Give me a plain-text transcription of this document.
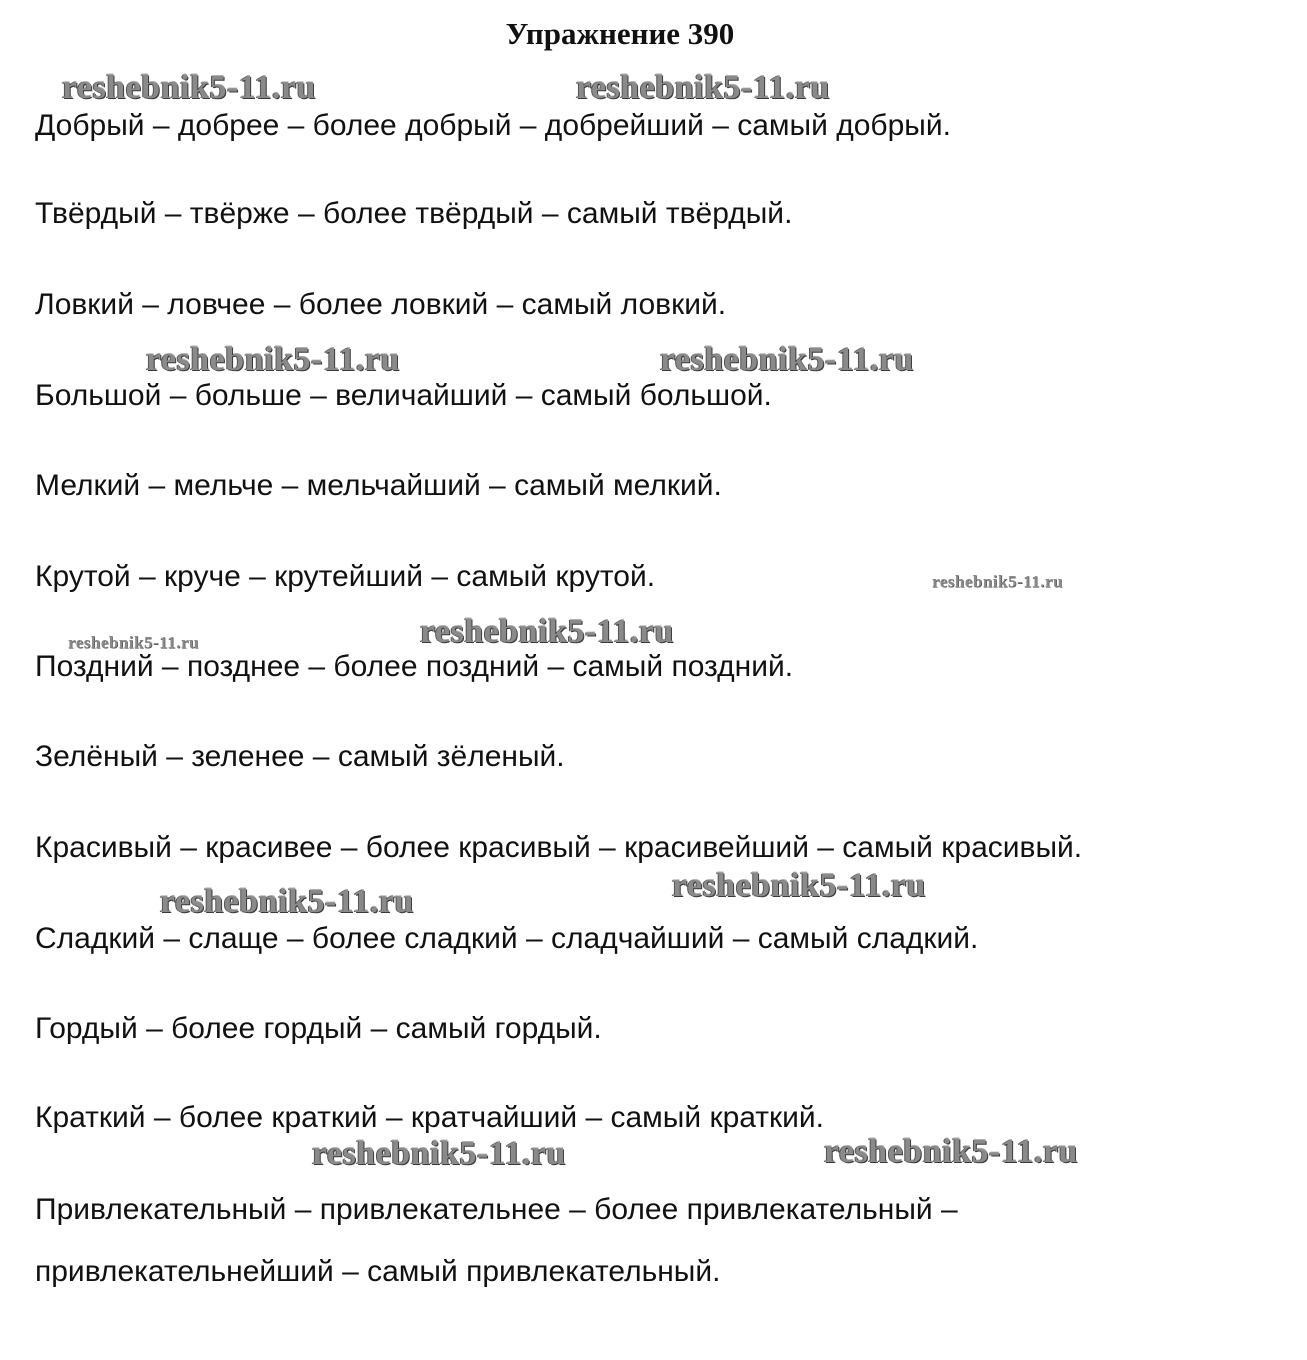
Упражнение 390
reshebnik5-11.ru	reshebnik5-11.ru
reshebnik5-11.ru	reshebnik5-11.ru
reshebnik5-11.ru
reshebnik5-11.ru	reshebnik5-11.ru
reshebnik5-11.ru
reshebnik5-11.ru
reshebnik5-11.ru	reshebnik5-11.ru
Добрый – добрее – более добрый – добрейший – самый добрый.
Твёрдый – твёрже – более твёрдый – самый твёрдый.
Ловкий – ловчее – более ловкий – самый ловкий.
Большой – больше – величайший – самый большой.
Мелкий – мельче – мельчайший – самый мелкий.
Крутой – круче – крутейший – самый крутой.
Поздний – позднее – более поздний – самый поздний.
Зелёный – зеленее – самый зёленый.
Красивый – красивее – более красивый – красивейший – самый красивый.
Сладкий – слаще – более сладкий – сладчайший – самый сладкий.
Гордый – более гордый – самый гордый.
Краткий – более краткий – кратчайший – самый краткий.
Привлекательный – привлекательнее – более привлекательный –
привлекательнейший – самый привлекательный.
